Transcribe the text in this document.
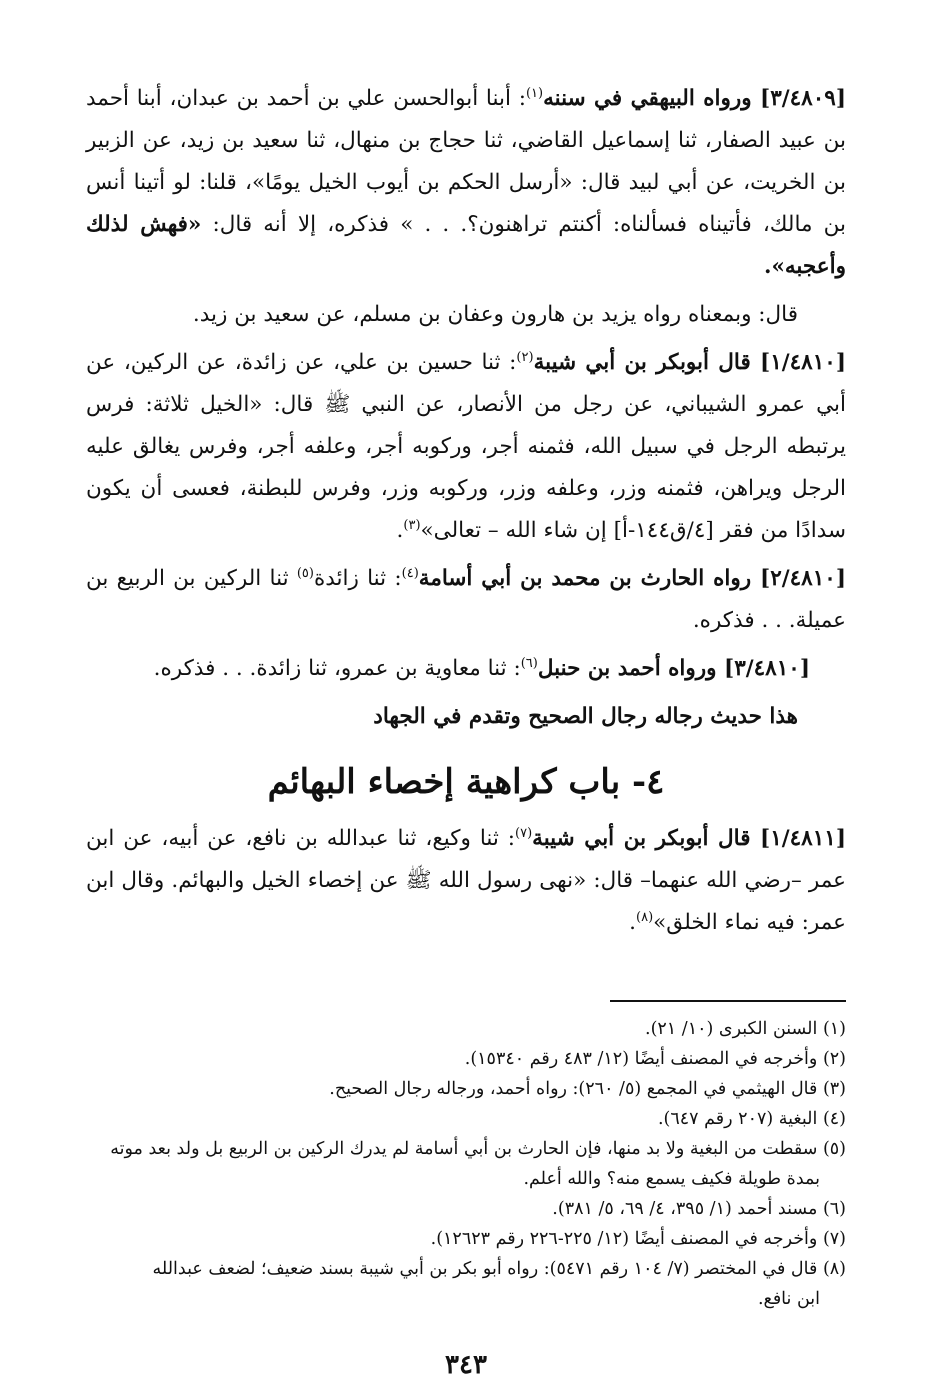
[٣/٤٨٠٩] ورواه البيهقي في سننه$^{(١)}$: أبنا أبوالحسن علي بن أحمد بن عبدان، أبنا أحمد بن عبيد الصفار، ثنا إسماعيل القاضي، ثنا حجاج بن منهال، ثنا سعيد بن زيد، عن الزبير بن الخريت، عن أبي لبيد قال: «أرسل الحكم بن أيوب الخيل يومًا»، قلنا: لو أتينا أنس بن مالك، فأتيناه فسألناه: أكنتم تراهنون؟. . . » فذكره، إلا أنه قال: «فهش لذلك وأعجبه».

قال: وبمعناه رواه يزيد بن هارون وعفان بن مسلم، عن سعيد بن زيد.

[١/٤٨١٠] قال أبوبكر بن أبي شيبة$^{(٢)}$: ثنا حسين بن علي، عن زائدة، عن الركين، عن أبي عمرو الشيباني، عن رجل من الأنصار، عن النبي ﷺ قال: «الخيل ثلاثة: فرس يرتبطه الرجل في سبيل الله، فثمنه أجر، وركوبه أجر، وعلفه أجر، وفرس يغالق عليه الرجل ويراهن، فثمنه وزر، وعلفه وزر، وركوبه وزر، وفرس للبطنة، فعسى أن يكون سدادًا من فقر [٤/ق١٤٤-أ] إن شاء الله – تعالى»$^{(٣)}$.

[٢/٤٨١٠] رواه الحارث بن محمد بن أبي أسامة$^{(٤)}$: ثنا زائدة$^{(٥)}$ ثنا الركين بن الربيع بن عميلة. . . فذكره.

[٣/٤٨١٠] ورواه أحمد بن حنبل$^{(٦)}$: ثنا معاوية بن عمرو، ثنا زائدة. . . فذكره.

هذا حديث رجاله رجال الصحيح وتقدم في الجهاد

٤- باب كراهية إخصاء البهائم

[١/٤٨١١] قال أبوبكر بن أبي شيبة$^{(٧)}$: ثنا وكيع، ثنا عبدالله بن نافع، عن أبيه، عن ابن عمر –رضي الله عنهما– قال: «نهى رسول الله ﷺ عن إخصاء الخيل والبهائم. وقال ابن عمر: فيه نماء الخلق»$^{(٨)}$.

(١) السنن الكبرى (١٠/ ٢١).

(٢) وأخرجه في المصنف أيضًا (١٢/ ٤٨٣ رقم ١٥٣٤٠).

(٣) قال الهيثمي في المجمع (٥/ ٢٦٠): رواه أحمد، ورجاله رجال الصحيح.

(٤) البغية (٢٠٧ رقم ٦٤٧).

(٥) سقطت من البغية ولا بد منها، فإن الحارث بن أبي أسامة لم يدرك الركين بن الربيع بل ولد بعد موته
بمدة طويلة فكيف يسمع منه؟ والله أعلم.

(٦) مسند أحمد (١/ ٣٩٥، ٤/ ٦٩، ٥/ ٣٨١).

(٧) وأخرجه في المصنف أيضًا (١٢/ ٢٢٥-٢٢٦ رقم ١٢٦٢٣).

(٨) قال في المختصر (٧/ ١٠٤ رقم ٥٤٧١): رواه أبو بكر بن أبي شيبة بسند ضعيف؛ لضعف عبدالله
ابن نافع.

٣٤٣
